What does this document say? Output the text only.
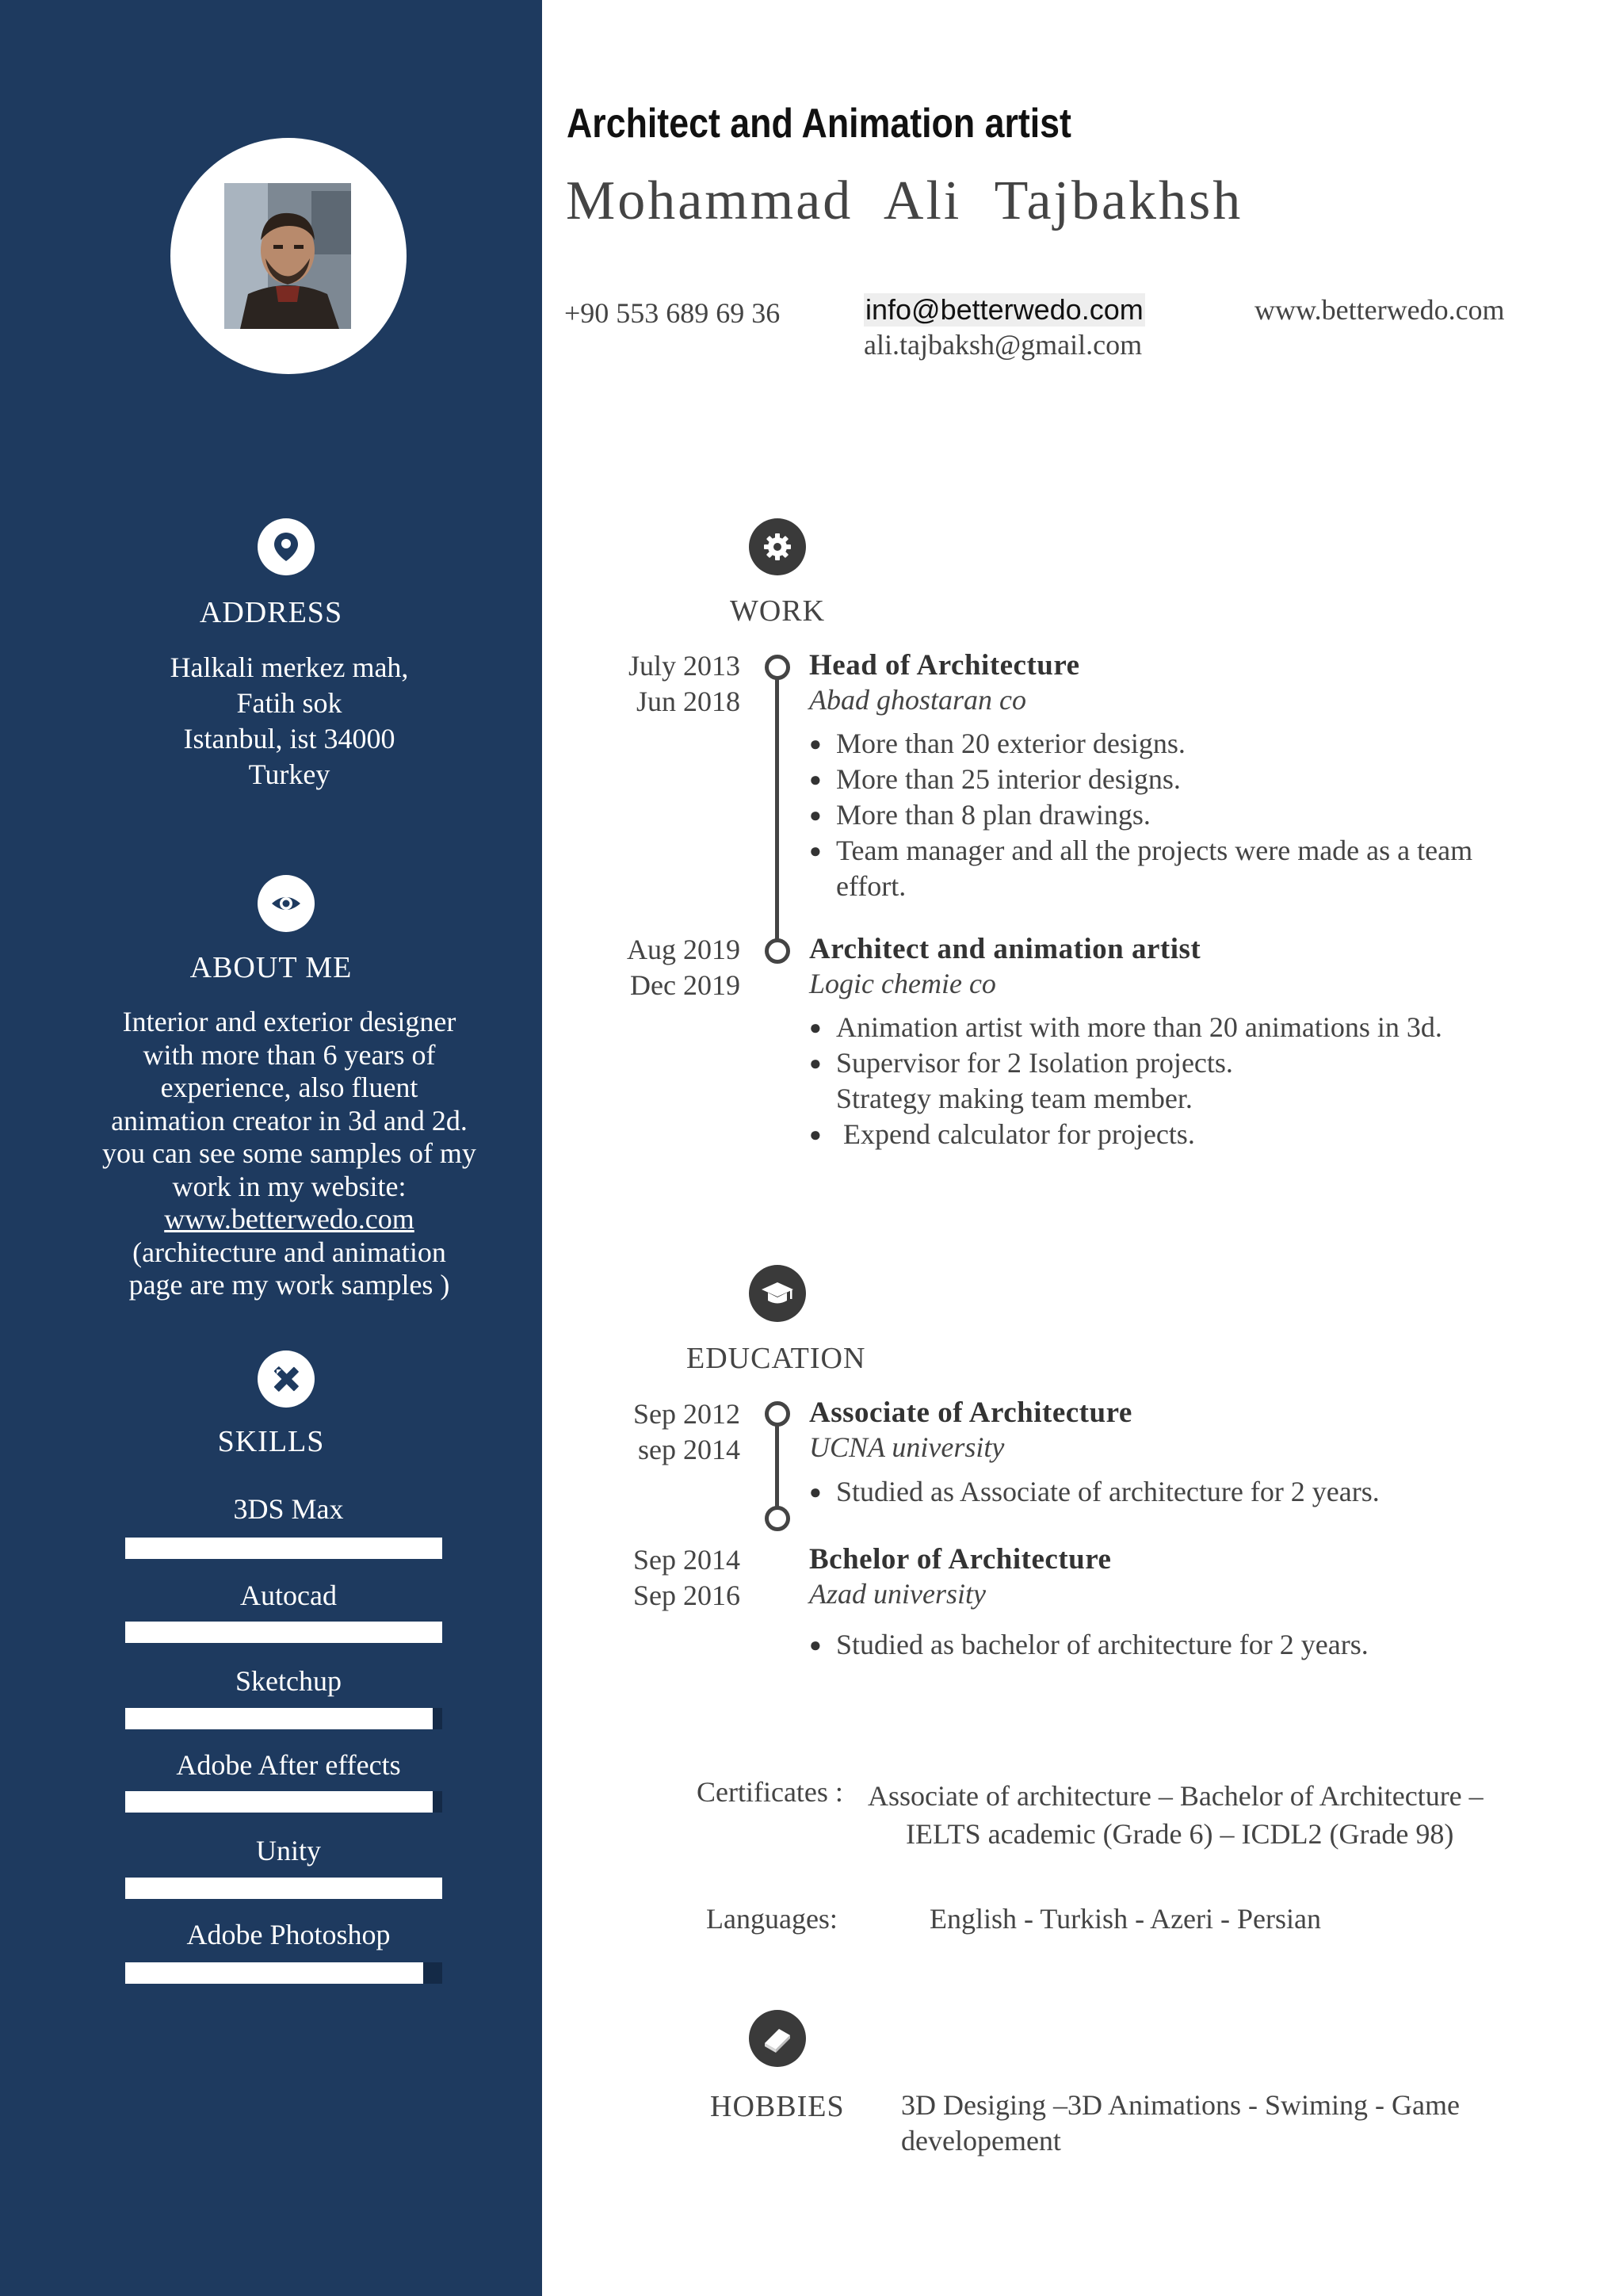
ADDRESS
Halkali merkez mah,
Fatih sok
Istanbul, ist 34000
Turkey
ABOUT ME
Interior and exterior designer
with more than 6 years of
experience, also fluent
animation creator in 3d and 2d.
you can see some samples of my
work in my website:
www.betterwedo.com
(architecture and animation
page are my work samples )
SKILLS
3DS Max
Autocad
Sketchup
Adobe After effects
Unity
Adobe Photoshop
Architect and Animation artist
Mohammad Ali Tajbakhsh
+90 553 689 69 36	info@betterwedo.com
ali.tajbaksh@gmail.com
www.betterwedo.com
WORK
July 2013
Jun 2018
Head of Architecture
Abad ghostaran co
● More than 20 exterior designs.
● More than 25 interior designs.
● More than 8 plan drawings.
● Team manager and all the projects were made as a team effort.
Aug 2019
Dec 2019
Architect and animation artist
Logic chemie co
● Animation artist with more than 20 animations in 3d.
● Supervisor for 2 Isolation projects.
Strategy making team member.
●  Expend calculator for projects.
EDUCATION
Sep 2012
sep 2014
Associate of Architecture
UCNA university
● Studied as Associate of architecture for 2 years.
Sep 2014
Sep 2016
Bchelor of Architecture
Azad university
● Studied as bachelor of architecture for 2 years.
Certificates : Associate of architecture – Bachelor of Architecture –
IELTS academic (Grade 6) – ICDL2 (Grade 98)
Languages:	English - Turkish - Azeri - Persian
HOBBIES 3D Desiging –3D Animations - Swiming - Game developement
